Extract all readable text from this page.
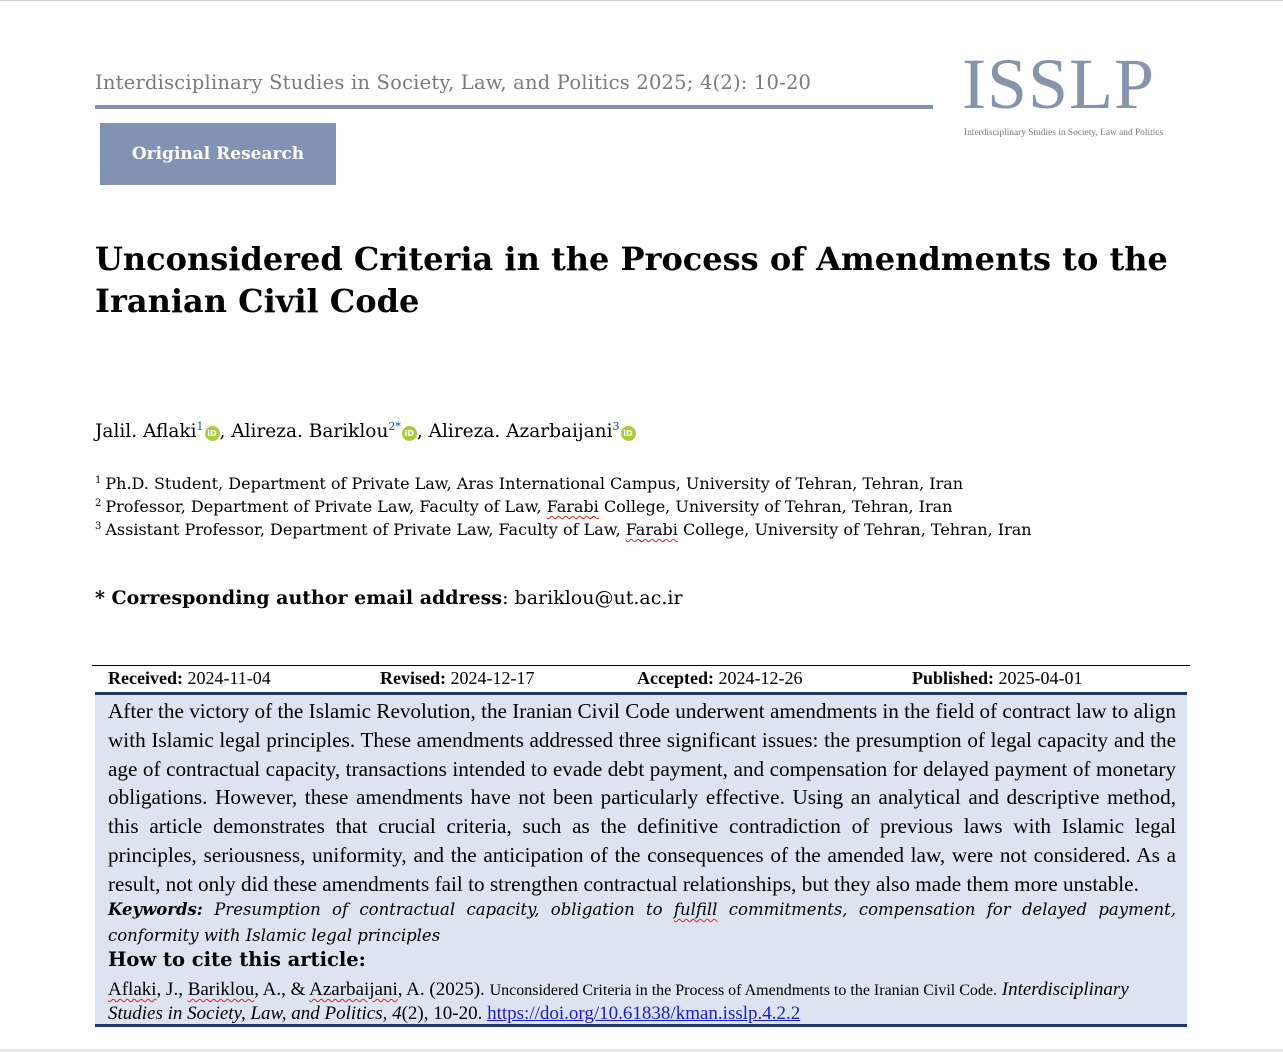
Interdisciplinary Studies in Society, Law, and Politics 2025; 4(2): 10-20	ISSLP
Interdisciplinary Studies in Society, Law and Politics
Original Research
Unconsidered Criteria in the Process of Amendments to the Iranian Civil Code
Jalil. Aflaki$^1$iD , Alireza. Bariklou$^{2*}$iD , Alireza. Azarbaijani$^3$iD
$^1$ Ph.D. Student, Department of Private Law, Aras International Campus, University of Tehran, Tehran, Iran
$^2$ Professor, Department of Private Law, Faculty of Law, Farabi College, University of Tehran, Tehran, Iran
$^3$ Assistant Professor, Department of Private Law, Faculty of Law, Farabi College, University of Tehran, Tehran, Iran
* Corresponding author email address: bariklou@ut.ac.ir
Received: 2024-11-04	Revised: 2024-12-17	Accepted: 2024-12-26	Published: 2025-04-01
After the victory of the Islamic Revolution, the Iranian Civil Code underwent amendments in the field of contract law to align with Islamic legal principles. These amendments addressed three significant issues: the presumption of legal capacity and the age of contractual capacity, transactions intended to evade debt payment, and compensation for delayed payment of monetary obligations. However, these amendments have not been particularly effective. Using an analytical and descriptive method, this article demonstrates that crucial criteria, such as the definitive contradiction of previous laws with Islamic legal principles, seriousness, uniformity, and the anticipation of the consequences of the amended law, were not considered. As a result, not only did these amendments fail to strengthen contractual relationships, but they also made them more unstable.
Keywords: Presumption of contractual capacity, obligation to fulfill commitments, compensation for delayed payment, conformity with Islamic legal principles
How to cite this article:
Aflaki, J., Bariklou, A., & Azarbaijani, A. (2025). Unconsidered Criteria in the Process of Amendments to the Iranian Civil Code. Interdisciplinary Studies in Society, Law, and Politics, 4(2), 10-20. https://doi.org/10.61838/kman.isslp.4.2.2
